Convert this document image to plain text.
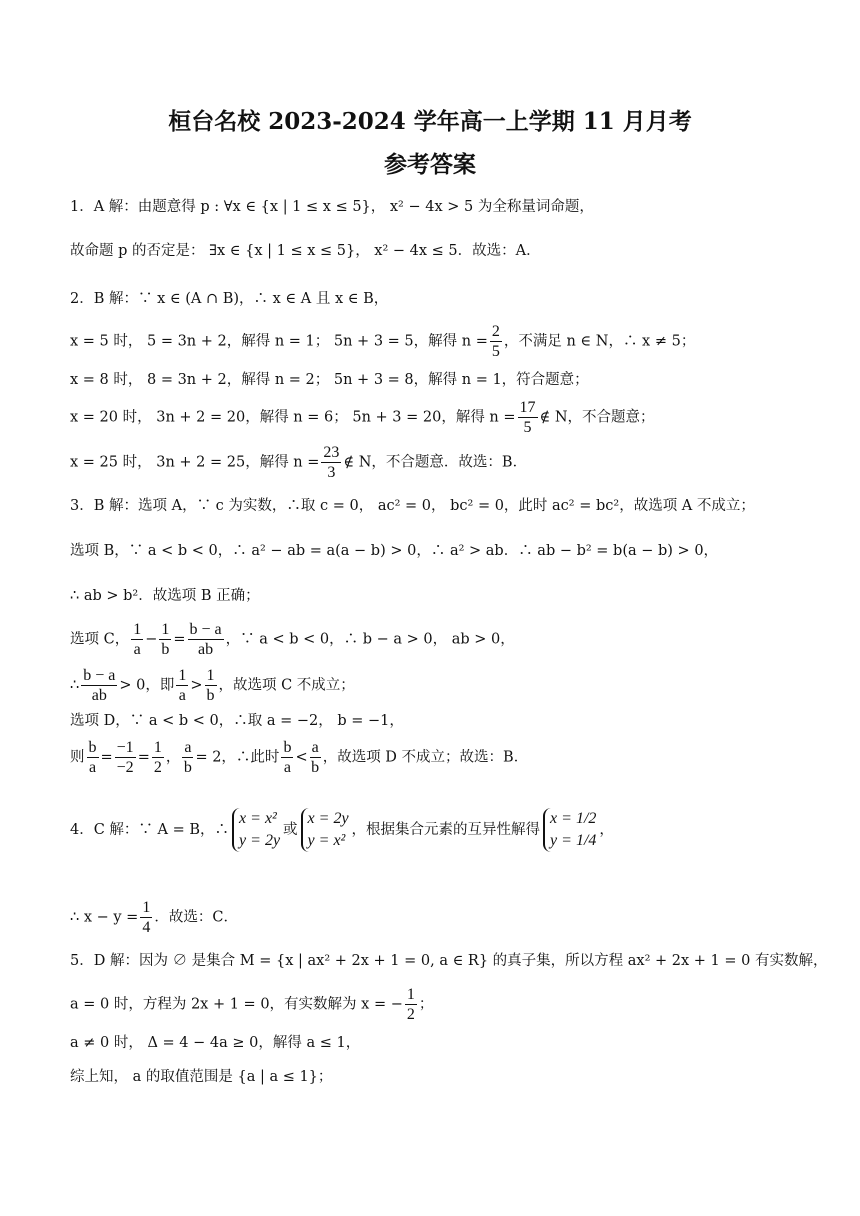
桓台名校 2023-2024 学年高一上学期 11 月月考
参考答案
1．A 解：由题意得 p : ∀x ∈ {x | 1 ≤ x ≤ 5}， x² − 4x > 5 为全称量词命题，
故命题 p 的否定是： ∃x ∈ {x | 1 ≤ x ≤ 5}， x² − 4x ≤ 5．故选：A．
2．B 解：∵ x ∈ (A ∩ B)，∴ x ∈ A 且 x ∈ B，
x = 5 时， 5 = 3n + 2，解得 n = 1； 5n + 3 = 5，解得 $n = \frac{2}{5}$ ，不满足 n ∈ N，∴ x ≠ 5；
x = 8 时， 8 = 3n + 2，解得 n = 2； 5n + 3 = 8，解得 n = 1，符合题意；
x = 20 时， 3n + 2 = 20，解得 n = 6； 5n + 3 = 20，解得 $n = \frac{17}{5}$ ∉ N，不合题意；
x = 25 时， 3n + 2 = 25，解得 $n = \frac{23}{3}$ ∉ N，不合题意．故选：B．
3．B 解：选项 A，∵ c 为实数，∴取 c = 0， ac² = 0， bc² = 0，此时 ac² = bc²，故选项 A 不成立；
选项 B，∵ a < b < 0，∴ a² − ab = a(a − b) > 0，∴ a² > ab．∴ ab − b² = b(a − b) > 0，
∴ ab > b²．故选项 B 正确；
选项 C， $\frac{1}{a} - \frac{1}{b} = \frac{b - a}{ab}$ ，∵ a < b < 0，∴ b − a > 0， ab > 0，
∴ $\frac{b - a}{ab} > 0$，即 $\frac{1}{a} > \frac{1}{b}$ ，故选项 C 不成立；
选项 D，∵ a < b < 0，∴取 a = −2， b = −1，
则 $\frac{b}{a} = \frac{-1}{-2} = \frac{1}{2}$ ， $\frac{a}{b} = 2$，∴此时 $\frac{b}{a} < \frac{a}{b}$ ，故选项 D 不成立；故选：B．
4．C 解：∵ A = B，∴
x = x²
y = 2y
或
x = 2y
y = x²
，根据集合元素的互异性解得
x = 1/2
y = 1/4
，
∴ $x - y = \frac{1}{4}$ ．故选：C．
5．D 解：因为 ∅ 是集合 M = {x | ax² + 2x + 1 = 0, a ∈ R} 的真子集，所以方程 ax² + 2x + 1 = 0 有实数解，
a = 0 时，方程为 2x + 1 = 0，有实数解为 x = − $\frac{1}{2}$ ；
a ≠ 0 时， Δ = 4 − 4a ≥ 0，解得 a ≤ 1，
综上知， a 的取值范围是 {a | a ≤ 1}；
